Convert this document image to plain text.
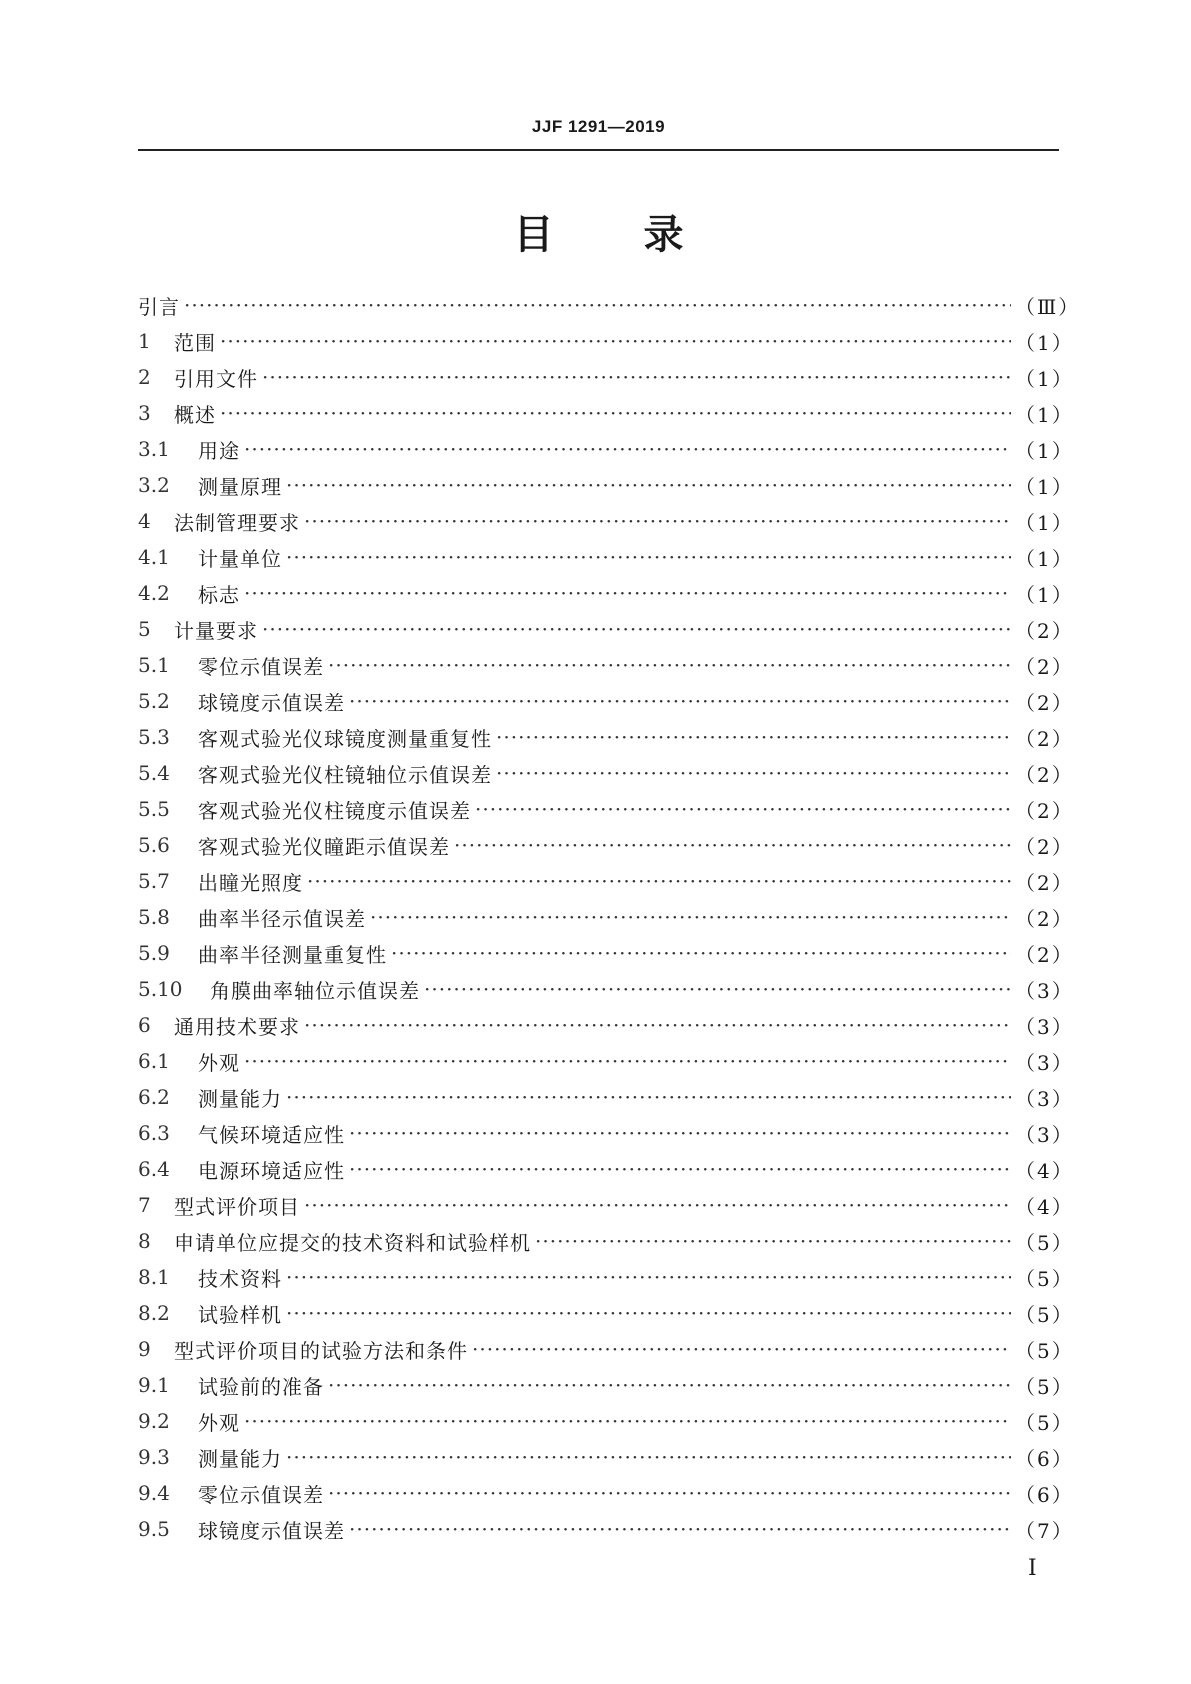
JJF 1291—2019
目 录
引言 ·····	（Ⅲ）
1	范围 ·····	（1）
2	引用文件 ·····	（1）
3	概述 ·····	（1）
3.1	用途 ·····	（1）
3.2	测量原理 ·····	（1）
4	法制管理要求 ·····	（1）
4.1	计量单位 ·····	（1）
4.2	标志 ·····	（1）
5	计量要求 ·····	（2）
5.1	零位示值误差 ·····	（2）
5.2	球镜度示值误差 ·····	（2）
5.3	客观式验光仪球镜度测量重复性 ·····	（2）
5.4	客观式验光仪柱镜轴位示值误差 ·····	（2）
5.5	客观式验光仪柱镜度示值误差 ·····	（2）
5.6	客观式验光仪瞳距示值误差 ·····	（2）
5.7	出瞳光照度 ·····	（2）
5.8	曲率半径示值误差 ·····	（2）
5.9	曲率半径测量重复性 ·····	（2）
5.10	角膜曲率轴位示值误差 ·····	（3）
6	通用技术要求 ·····	（3）
6.1	外观 ·····	（3）
6.2	测量能力 ·····	（3）
6.3	气候环境适应性 ·····	（3）
6.4	电源环境适应性 ·····	（4）
7	型式评价项目 ·····	（4）
8	申请单位应提交的技术资料和试验样机 ·····	（5）
8.1	技术资料 ·····	（5）
8.2	试验样机 ·····	（5）
9	型式评价项目的试验方法和条件 ·····	（5）
9.1	试验前的准备 ·····	（5）
9.2	外观 ·····	（5）
9.3	测量能力 ·····	（6）
9.4	零位示值误差 ·····	（6）
9.5	球镜度示值误差 ·····	（7）
I
